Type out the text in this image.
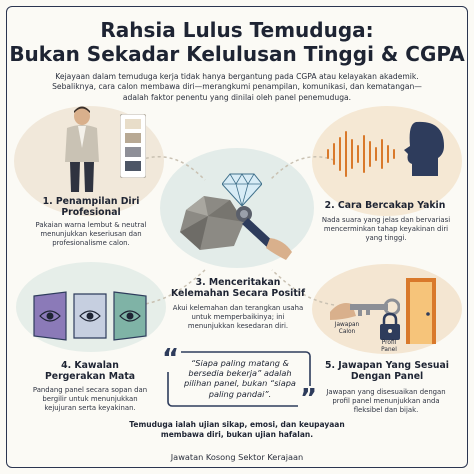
Rahsia Lulus Temuduga:
Bukan Sekadar Kelulusan Tinggi & CGPA
Kejayaan dalam temuduga kerja tidak hanya bergantung pada CGPA atau kelayakan akademik. Sebaliknya, cara calon membawa diri—merangkumi penampilan, komunikasi, dan kematangan—adalah faktor penentu yang dinilai oleh panel penemuduga.
1. Penampilan Diri Profesional
Pakaian warna lembut & neutral menunjukkan keseriusan dan profesionalisme calon.
2. Cara Bercakap Yakin
Nada suara yang jelas dan bervariasi mencerminkan tahap keyakinan diri yang tinggi.
3. Menceritakan Kelemahan Secara Positif
Akui kelemahan dan terangkan usaha untuk memperbaikinya; ini menunjukkan kesedaran diri.
4. Kawalan Pergerakan Mata
Pandang panel secara sopan dan bergilir untuk menunjukkan kejujuran serta keyakinan.
Jawapan Calon
Profil Panel
5. Jawapan Yang Sesuai Dengan Panel
Jawapan yang disesuaikan dengan profil panel menunjukkan anda fleksibel dan bijak.
“
”
“Siapa paling matang & bersedia bekerja” adalah pilihan panel, bukan “siapa paling pandai”.
Temuduga ialah ujian sikap, emosi, dan keupayaan membawa diri, bukan ujian hafalan.
Jawatan Kosong Sektor Kerajaan
